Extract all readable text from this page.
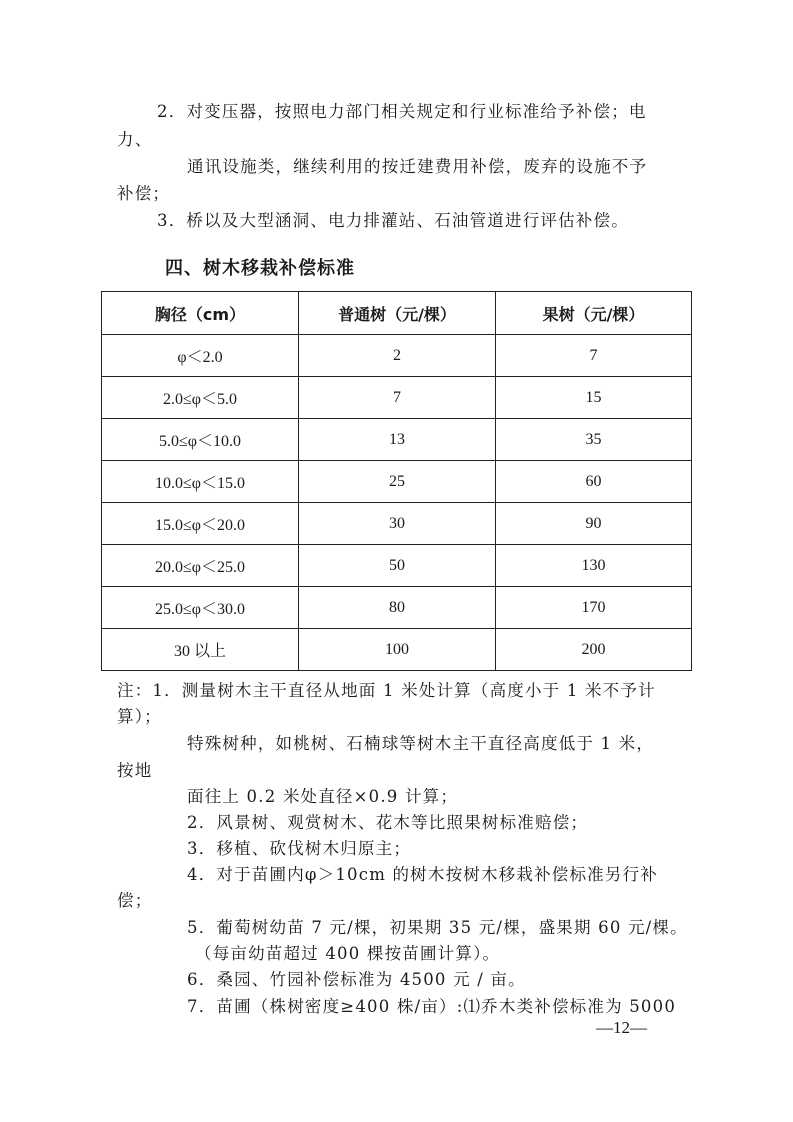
2．对变压器，按照电力部门相关规定和行业标准给予补偿；电
力、
通讯设施类，继续利用的按迁建费用补偿，废弃的设施不予
补偿；
3．桥以及大型涵洞、电力排灌站、石油管道进行评估补偿。
四、树木移栽补偿标准
胸径（cm）	普通树（元/棵）	果树（元/棵）
φ＜2.0	2	7
2.0≤φ＜5.0	7	15
5.0≤φ＜10.0	13	35
10.0≤φ＜15.0	25	60
15.0≤φ＜20.0	30	90
20.0≤φ＜25.0	50	130
25.0≤φ＜30.0	80	170
30 以上	100	200
注：1．测量树木主干直径从地面 1 米处计算（高度小于 1 米不予计
算）；
特殊树种，如桃树、石楠球等树木主干直径高度低于 1 米，
按地
面往上 0.2 米处直径×0.9 计算；
2．风景树、观赏树木、花木等比照果树标准赔偿；
3．移植、砍伐树木归原主；
4．对于苗圃内φ＞10cm 的树木按树木移栽补偿标准另行补
偿；
5．葡萄树幼苗 7 元/棵，初果期 35 元/棵，盛果期 60 元/棵。
（每亩幼苗超过 400 棵按苗圃计算）。
6．桑园、竹园补偿标准为 4500 元 / 亩。
7．苗圃（株树密度≥400 株/亩）:⑴乔木类补偿标准为 5000
—12—
